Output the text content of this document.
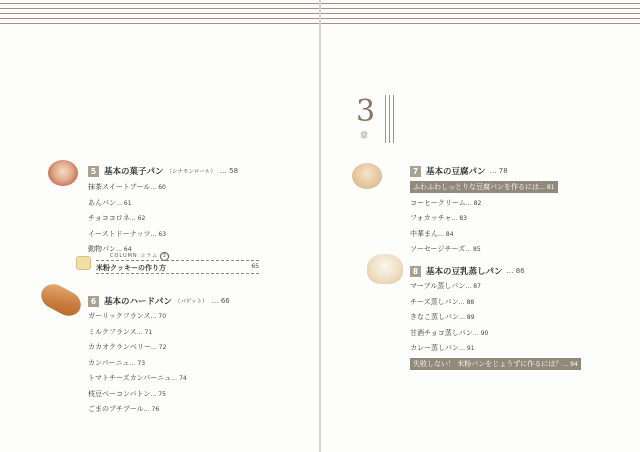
5 基本の菓子パン （シナモンロール） … 58
抹茶スイートブール… 60
あんパン… 61
チョココロネ… 62
イーストドーナッツ… 63
動物パン… 64
COLUMN コラム 3
米粉クッキーの作り方	65
6 基本のハードパン （バゲット） … 66
ガーリックフランス… 70
ミルクフランス… 71
カカオクランベリー… 72
カンパーニュ… 73
トマトチーズカンパーニュ… 74
枝豆ベーコンバトン… 75
ごまのプチブール… 76
3
章
7 基本の豆腐パン … 78
ふわふわしっとりな豆腐パンを作るには… 81
コーヒークリーム… 82
フォカッチャ… 83
中華まん… 84
ソーセージチーズ… 85
8 基本の豆乳蒸しパン … 86
マーブル蒸しパン… 87
チーズ蒸しパン… 88
きなこ蒸しパン… 89
甘酒チョコ蒸しパン… 90
カレー蒸しパン… 91
失敗しない！ 米粉パンをじょうずに作るには？… 94
